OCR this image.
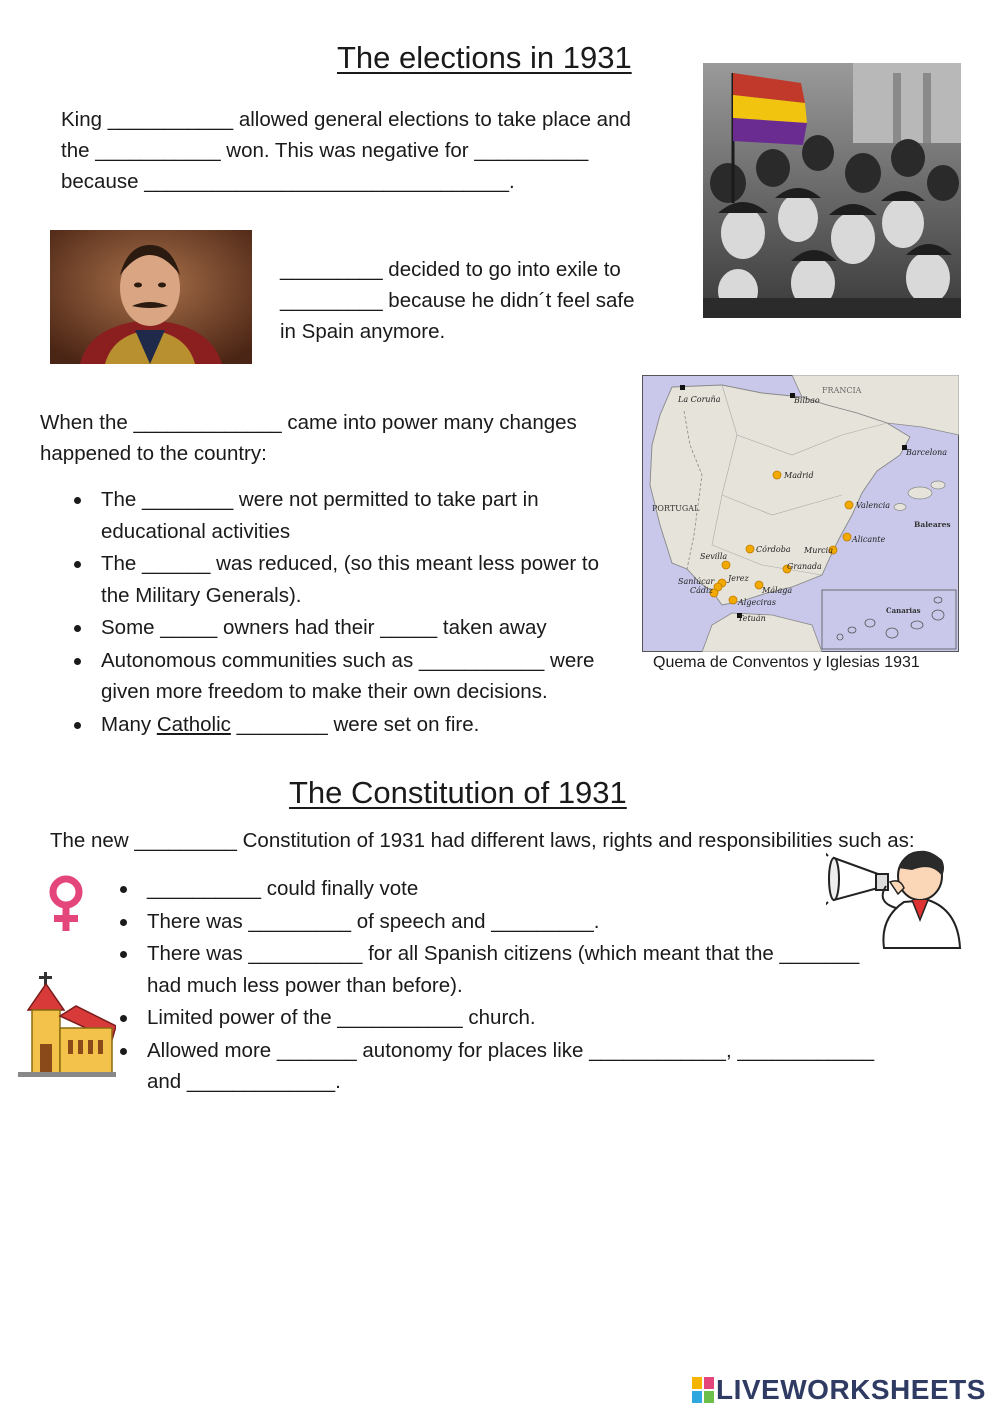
The elections in 1931

King ___________ allowed general elections to take place and

the ___________ won. This was negative for __________

because ________________________________.

_________ decided to go into exile to

_________ because he didn´t feel safe

in Spain anymore.

FRANCIA
PORTUGAL
Baleares
Canarias
La Coruña	Bilbao
Barcelona
Madrid
Valencia
Alicante
Murcia
Córdoba
Granada
Sevilla
Jerez
Málaga
Sanlúcar
Cádiz
Algeciras
Tetuán
Quema de Conventos y Iglesias 1931

When the _____________ came into power many changes

happened to the country:

The ________ were not permitted to take part in
educational activities
The ______ was reduced, (so this meant less power to
the Military Generals).
Some _____ owners had their _____ taken away
Autonomous communities such as ___________ were
given more freedom to make their own decisions.
Many Catholic ________ were set on fire.
The Constitution of 1931

The new _________ Constitution of 1931 had different laws, rights and responsibilities such as:

__________ could finally vote
There was _________ of speech and _________.
There was __________ for all Spanish citizens (which meant that the _______
had much less power than before).
Limited power of the ___________ church.
Allowed more _______ autonomy for places like ____________, ____________
and _____________.
LIVEWORKSHEETS
